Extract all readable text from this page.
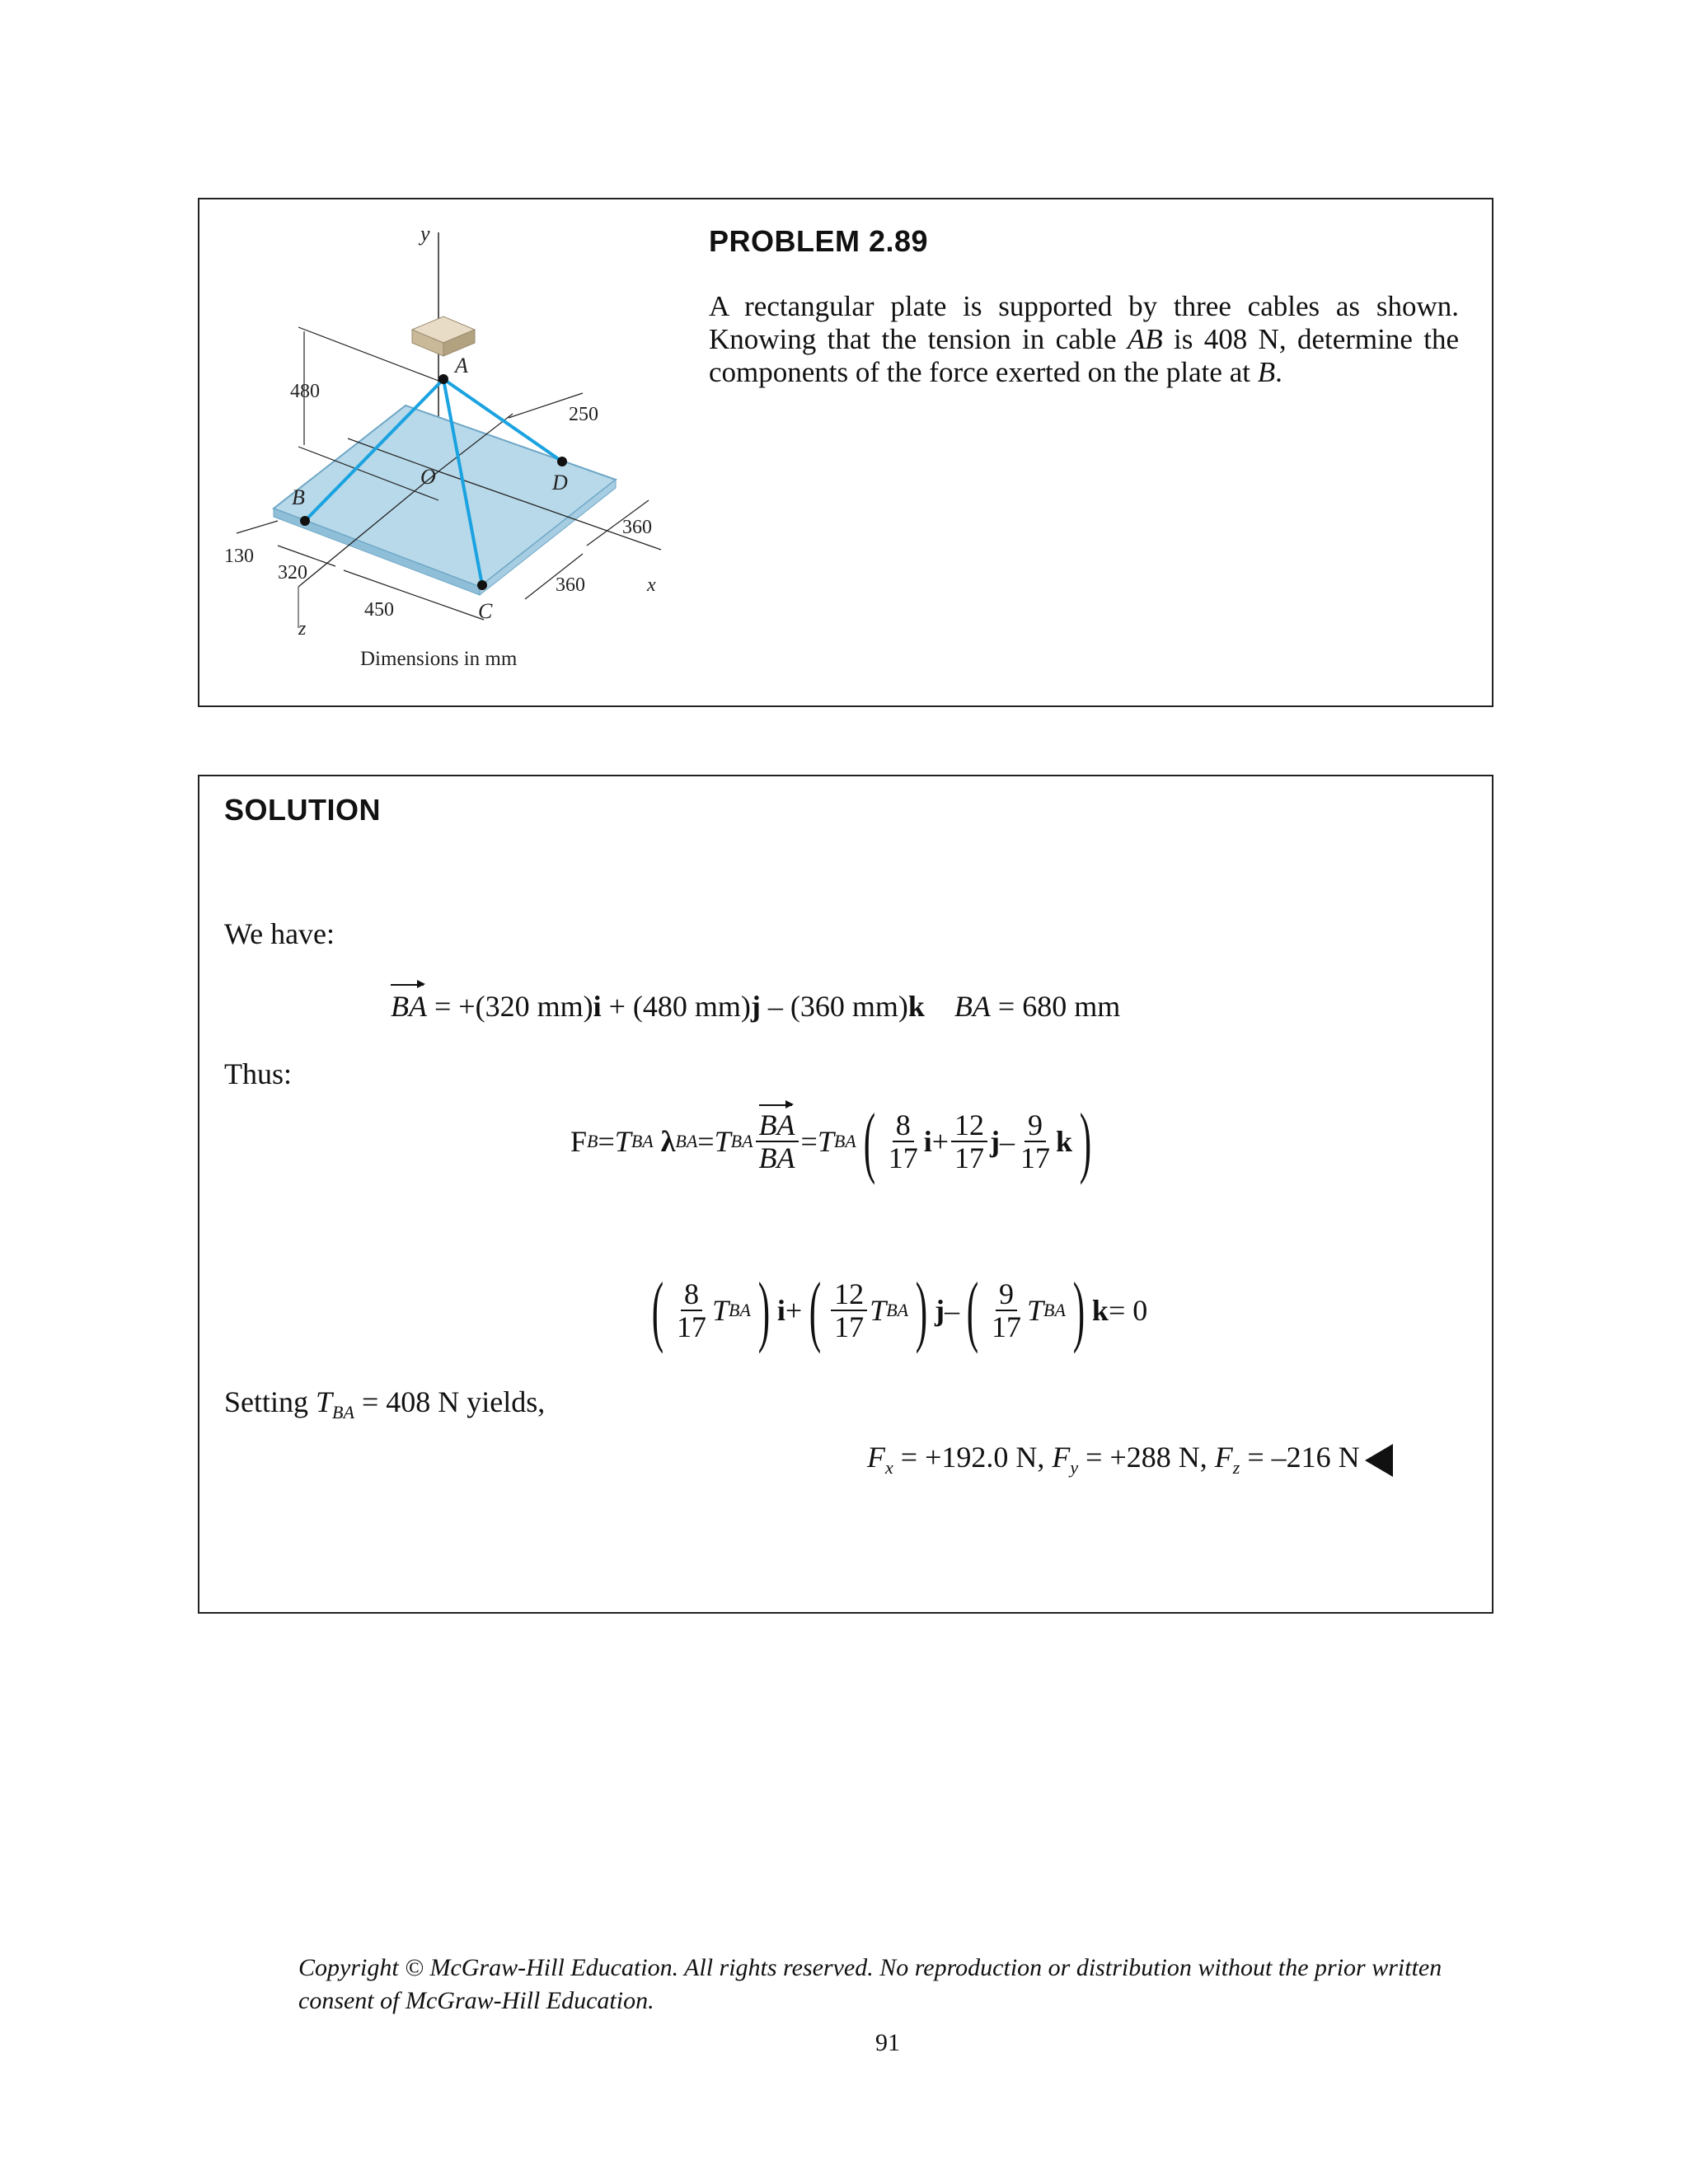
y
480
250
360
130
320
450
360
A
B
C
D
O
x
z
Dimensions in mm
PROBLEM 2.89
A rectangular plate is supported by three cables as shown. Knowing that the tension in cable AB is 408 N, determine the components of the force exerted on the plate at B.
SOLUTION
We have:
BA = +(320 mm)i + (480 mm)j – (360 mm)k BA = 680 mm
Thus:
F B = T BA
λ BA = T BA $\frac{BA}{BA} = T$ BA ( $\frac{8}{17}$ $i + \frac{12}{17}$ j – $\frac{9}{17}$ k )
( $\frac{8}{17}$ T BA ) i + ( $\frac{12}{17}$ T BA ) j – ( $\frac{9}{17}$ T BA ) k = 0
Setting $T_{BA} = 408$ N yields,
$F_x = +192.0$ N, $F_y = +288$ N, $F_z = -216$ N
Copyright © McGraw-Hill Education. All rights reserved. No reproduction or distribution without the prior written consent of McGraw-Hill Education.
91
